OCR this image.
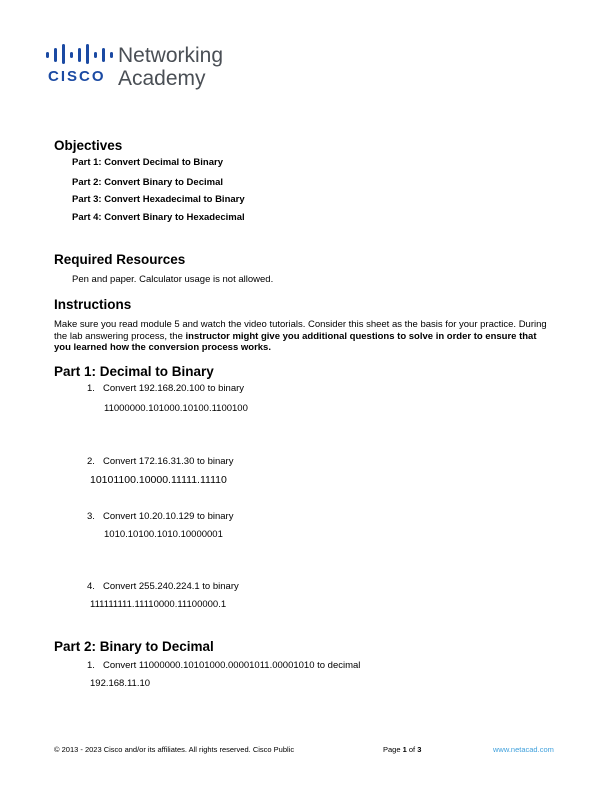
CISCO
Networking
Academy
Objectives
Part 1: Convert Decimal to Binary
Part 2: Convert Binary to Decimal
Part 3: Convert Hexadecimal to Binary
Part 4: Convert Binary to Hexadecimal
Required Resources
Pen and paper. Calculator usage is not allowed.
Instructions
Make sure you read module 5 and watch the video tutorials. Consider this sheet as the basis for your practice. During the lab answering process, the instructor might give you additional questions to solve in order to ensure that you learned how the conversion process works.
Part 1: Decimal to Binary
1. Convert 192.168.20.100 to binary
11000000.101000.10100.1100100
2. Convert 172.16.31.30 to binary
10101100.10000.11111.11110
3. Convert 10.20.10.129 to binary
1010.10100.1010.10000001
4. Convert 255.240.224.1 to binary
111111111.11110000.11100000.1
Part 2: Binary to Decimal
1. Convert 11000000.10101000.00001011.00001010 to decimal
192.168.11.10
© 2013 - 2023 Cisco and/or its affiliates. All rights reserved. Cisco Public	Page 1 of 3	www.netacad.com
